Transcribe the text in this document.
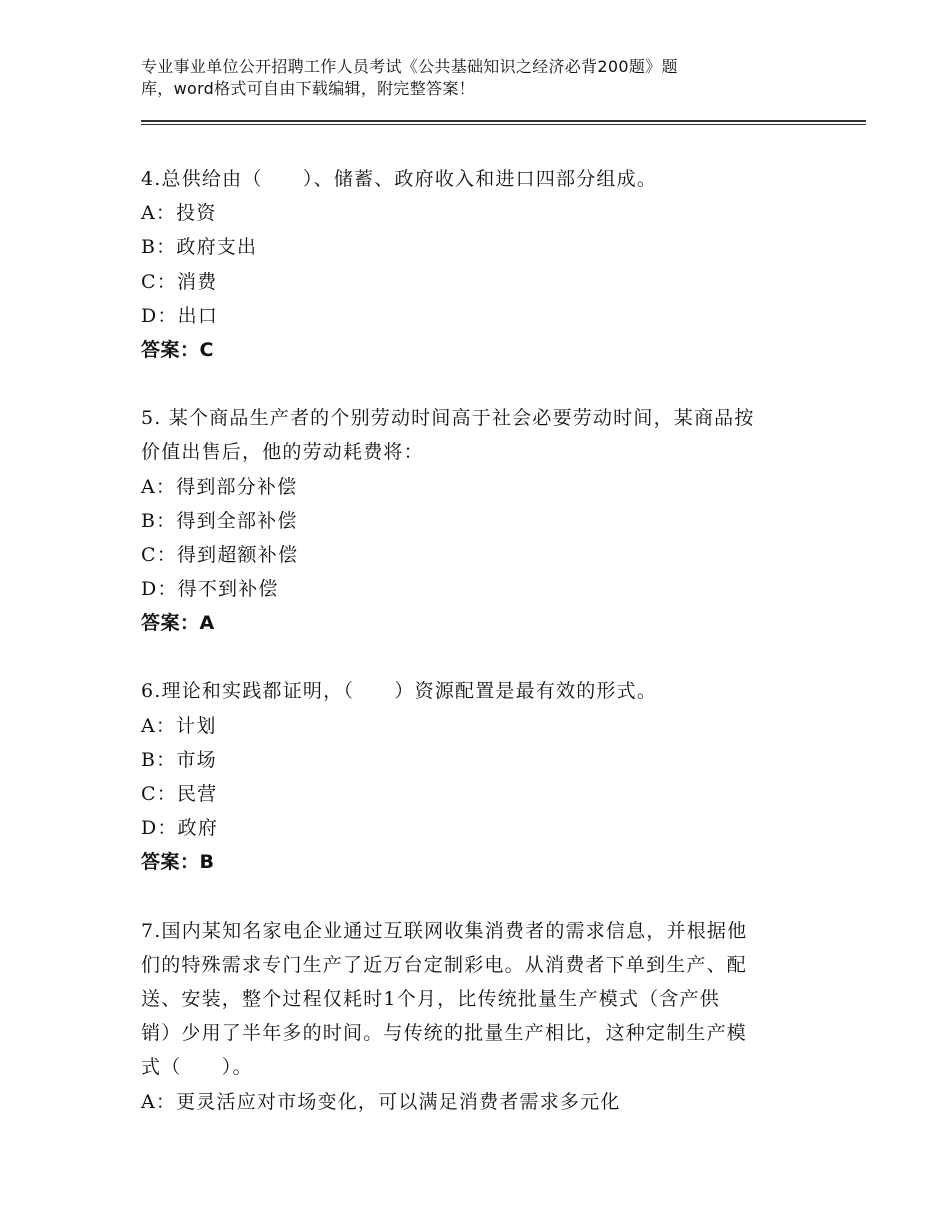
专业事业单位公开招聘工作人员考试《公共基础知识之经济必背200题》题
库，word格式可自由下载编辑，附完整答案！
4.总供给由（　　）、储蓄、政府收入和进口四部分组成。
A：投资
B：政府支出
C：消费
D：出口
答案：C
5. 某个商品生产者的个别劳动时间高于社会必要劳动时间，某商品按
价值出售后，他的劳动耗费将：
A：得到部分补偿
B：得到全部补偿
C：得到超额补偿
D：得不到补偿
答案：A
6.理论和实践都证明，（　　）资源配置是最有效的形式。
A：计划
B：市场
C：民营
D：政府
答案：B
7.国内某知名家电企业通过互联网收集消费者的需求信息，并根据他
们的特殊需求专门生产了近万台定制彩电。从消费者下单到生产、配
送、安装，整个过程仅耗时1个月，比传统批量生产模式（含产供
销）少用了半年多的时间。与传统的批量生产相比，这种定制生产模
式（　　）。
A：更灵活应对市场变化，可以满足消费者需求多元化
